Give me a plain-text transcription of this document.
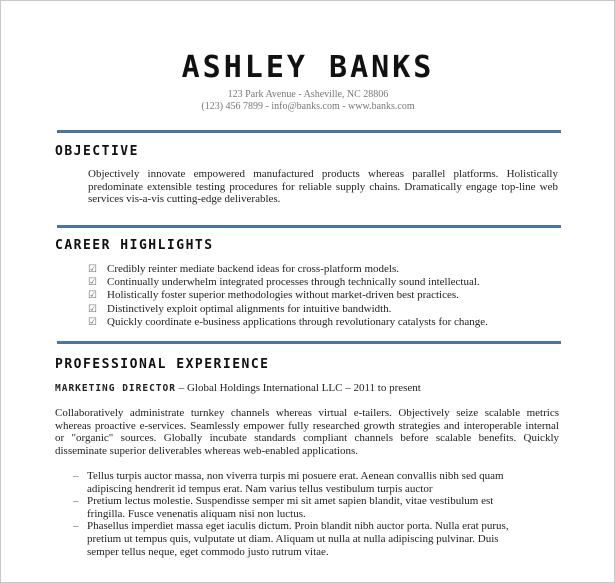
ASHLEY BANKS
123 Park Avenue - Asheville, NC 28806
(123) 456 7899 - info@banks.com - www.banks.com
OBJECTIVE
Objectively innovate empowered manufactured products whereas parallel platforms. Holistically predominate extensible testing procedures for reliable supply chains. Dramatically engage top-line web services vis-a-vis cutting-edge deliverables.
CAREER HIGHLIGHTS
☑ Credibly reinter mediate backend ideas for cross-platform models.
☑ Continually underwhelm integrated processes through technically sound intellectual.
☑ Holistically foster superior methodologies without market-driven best practices.
☑ Distinctively exploit optimal alignments for intuitive bandwidth.
☑ Quickly coordinate e-business applications through revolutionary catalysts for change.
PROFESSIONAL EXPERIENCE
MARKETING DIRECTOR – Global Holdings International LLC – 2011 to present
Collaboratively administrate turnkey channels whereas virtual e-tailers. Objectively seize scalable metrics whereas proactive e-services. Seamlessly empower fully researched growth strategies and interoperable internal or "organic" sources. Globally incubate standards compliant channels before scalable benefits. Quickly disseminate superior deliverables whereas web-enabled applications.
– Tellus turpis auctor massa, non viverra turpis mi posuere erat. Aenean convallis nibh sed quam adipiscing hendrerit id tempus erat. Nam varius tellus vestibulum turpis auctor
– Pretium lectus molestie. Suspendisse semper mi sit amet sapien blandit, vitae vestibulum est fringilla. Fusce venenatis aliquam nisi non luctus.
– Phasellus imperdiet massa eget iaculis dictum. Proin blandit nibh auctor porta. Nulla erat purus, pretium ut tempus quis, vulputate ut diam. Aliquam ut nulla at nulla adipiscing pulvinar. Duis semper tellus neque, eget commodo justo rutrum vitae.
